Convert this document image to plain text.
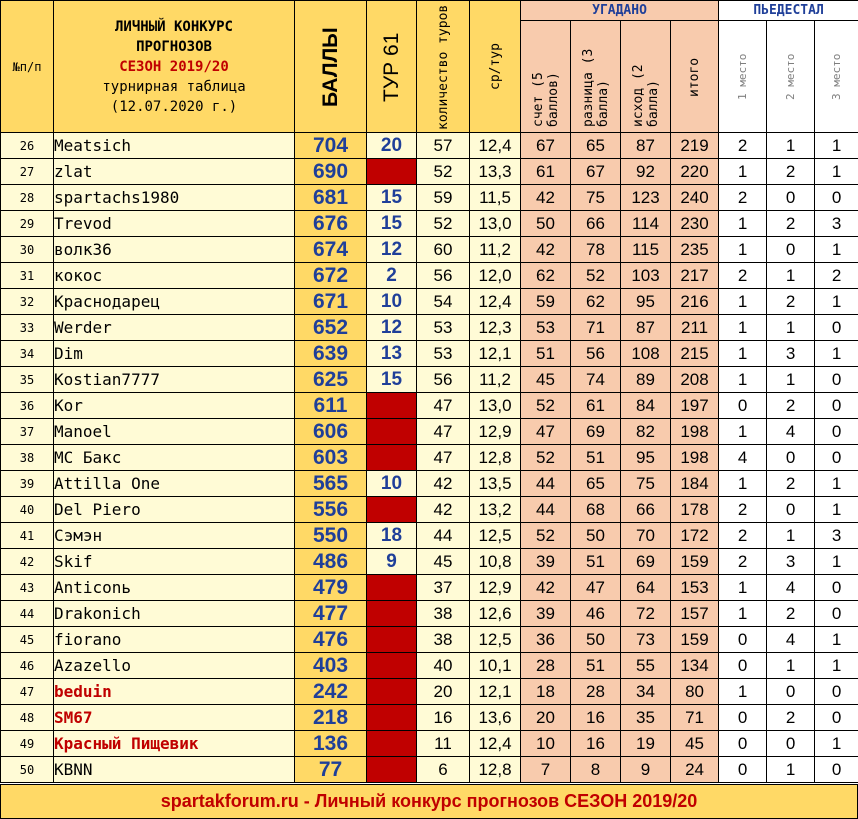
№п/п	ЛИЧНЫЙ КОНКУРС
ПРОГНОЗОВ
СЕЗОН 2019/20
турнирная таблица
(12.07.2020 г.)	БАЛЛЫ	ТУР 61	количество туров	ср/тур	УГАДАНО				ПЬЕДЕСТАЛ		

счет (5 баллов)	разница (3 балла)	исход (2 балла)	итого	1 место	2 место	3 место

26	Meatsich	704	20	57	12,4	67	65	87	219	2	1	1
27	zlat	690		52	13,3	61	67	92	220	1	2	1
28	spartachs1980	681	15	59	11,5	42	75	123	240	2	0	0
29	Trevod	676	15	52	13,0	50	66	114	230	1	2	3
30	волк36	674	12	60	11,2	42	78	115	235	1	0	1
31	кокос	672	2	56	12,0	62	52	103	217	2	1	2
32	Краснодарец	671	10	54	12,4	59	62	95	216	1	2	1
33	Werder	652	12	53	12,3	53	71	87	211	1	1	0
34	Dim	639	13	53	12,1	51	56	108	215	1	3	1
35	Kostian7777	625	15	56	11,2	45	74	89	208	1	1	0
36	Kor	611		47	13,0	52	61	84	197	0	2	0
37	Manoel	606		47	12,9	47	69	82	198	1	4	0
38	MC Бакс	603		47	12,8	52	51	95	198	4	0	0
39	Attilla One	565	10	42	13,5	44	65	75	184	1	2	1
40	Del Piero	556		42	13,2	44	68	66	178	2	0	1
41	Сэмэн	550	18	44	12,5	52	50	70	172	2	1	3
42	Skif	486	9	45	10,8	39	51	69	159	2	3	1
43	Anticonь	479		37	12,9	42	47	64	153	1	4	0
44	Drakonich	477		38	12,6	39	46	72	157	1	2	0
45	fiorano	476		38	12,5	36	50	73	159	0	4	1
46	Azazello	403		40	10,1	28	51	55	134	0	1	1
47	beduin	242		20	12,1	18	28	34	80	1	0	0
48	SM67	218		16	13,6	20	16	35	71	0	2	0
49	Красный Пищевик	136		11	12,4	10	16	19	45	0	0	1
50	KBNN	77		6	12,8	7	8	9	24	0	1	0
spartakforum.ru - Личный конкурс прогнозов СЕЗОН 2019/20
